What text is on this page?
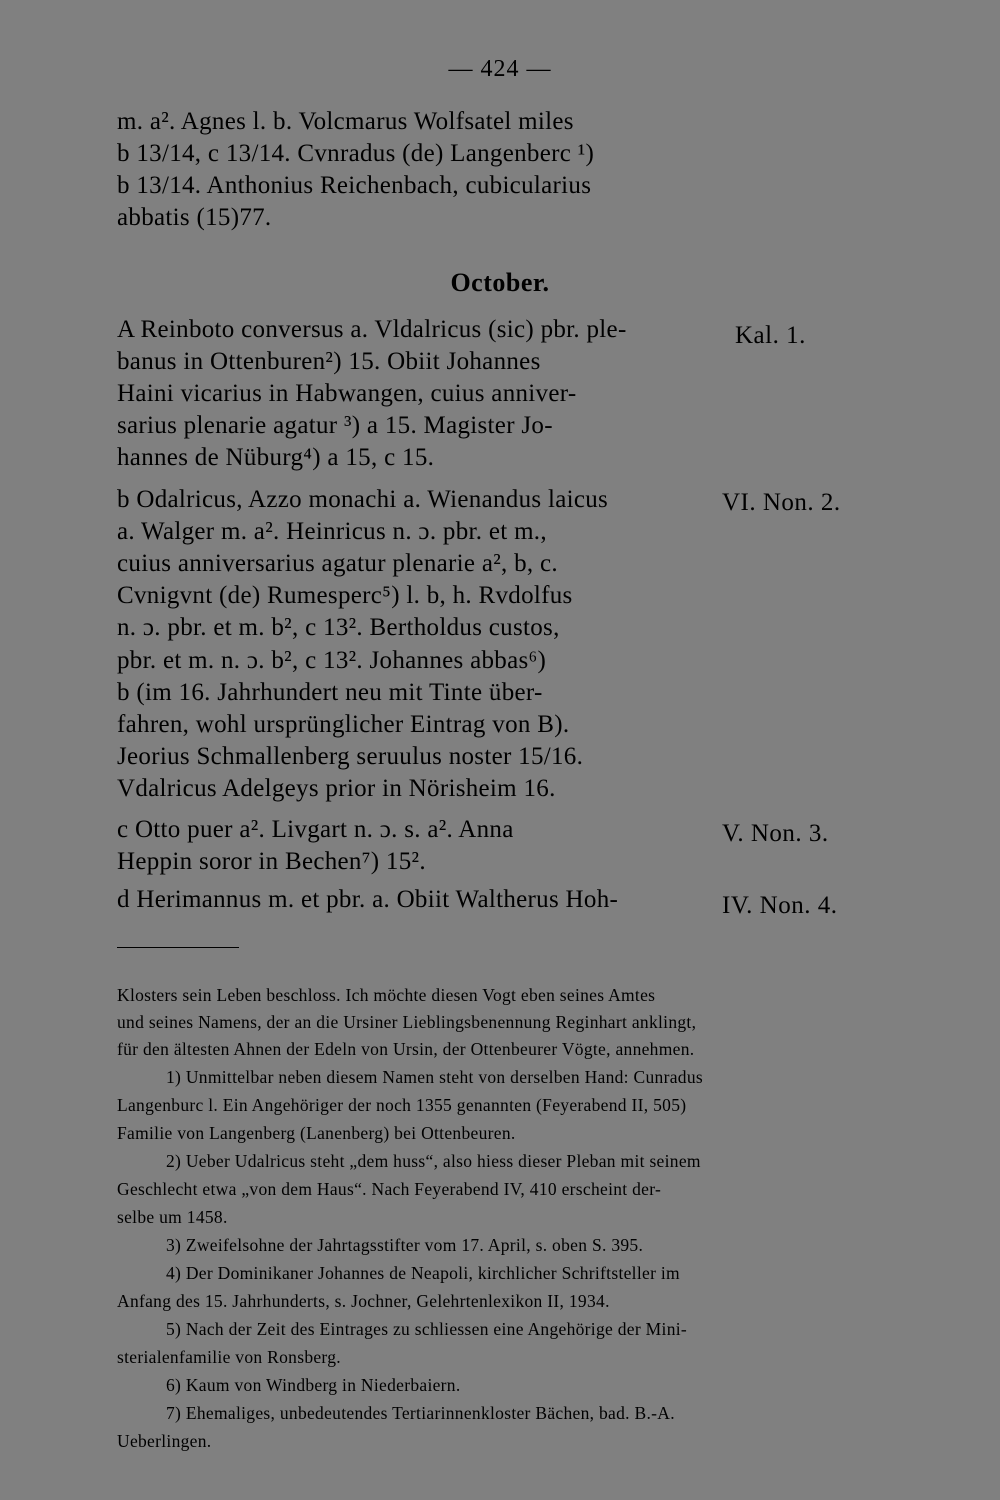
— 424 —
m. a². Agnes l. b. Volcmarus Wolfsatel miles
b 13/14, c 13/14. Cvnradus (de) Langenberc ¹)
b 13/14. Anthonius Reichenbach, cubicularius
abbatis (15)77.
October.
A Reinboto conversus a. Vldalricus (sic) pbr. ple-
banus in Ottenburen²) 15. Obiit Johannes
Haini vicarius in Habwangen, cuius anniver-
sarius plenarie agatur ³) a 15. Magister Jo-
hannes de Nüburg⁴) a 15, c 15.
Kal. 1.
b Odalricus, Azzo monachi a. Wienandus laicus
a. Walger m. a². Heinricus n. ɔ. pbr. et m.,
cuius anniversarius agatur plenarie a², b, c.
Cvnigvnt (de) Rumesperc⁵) l. b, h. Rvdolfus
n. ɔ. pbr. et m. b², c 13². Bertholdus custos,
pbr. et m. n. ɔ. b², c 13². Johannes abbas⁶)
b (im 16. Jahrhundert neu mit Tinte über-
fahren, wohl ursprünglicher Eintrag von B).
Jeorius Schmallenberg seruulus noster 15/16.
Vdalricus Adelgeys prior in Nörisheim 16.
VI. Non. 2.
c Otto puer a². Livgart n. ɔ. s. a². Anna
Heppin soror in Bechen⁷) 15².
V. Non. 3.
d Herimannus m. et pbr. a. Obiit Waltherus Hoh-	IV. Non. 4.
Klosters sein Leben beschloss. Ich möchte diesen Vogt eben seines Amtes
und seines Namens, der an die Ursiner Lieblingsbenennung Reginhart anklingt,
für den ältesten Ahnen der Edeln von Ursin, der Ottenbeurer Vögte, annehmen.
1) Unmittelbar neben diesem Namen steht von derselben Hand: Cunradus
Langenburc l. Ein Angehöriger der noch 1355 genannten (Feyerabend II, 505)
Familie von Langenberg (Lanenberg) bei Ottenbeuren.
2) Ueber Udalricus steht „dem huss“, also hiess dieser Pleban mit seinem
Geschlecht etwa „von dem Haus“. Nach Feyerabend IV, 410 erscheint der-
selbe um 1458.
3) Zweifelsohne der Jahrtagsstifter vom 17. April, s. oben S. 395.
4) Der Dominikaner Johannes de Neapoli, kirchlicher Schriftsteller im
Anfang des 15. Jahrhunderts, s. Jochner, Gelehrtenlexikon II, 1934.
5) Nach der Zeit des Eintrages zu schliessen eine Angehörige der Mini-
sterialenfamilie von Ronsberg.
6) Kaum von Windberg in Niederbaiern.
7) Ehemaliges, unbedeutendes Tertiarinnenkloster Bächen, bad. B.-A.
Ueberlingen.
